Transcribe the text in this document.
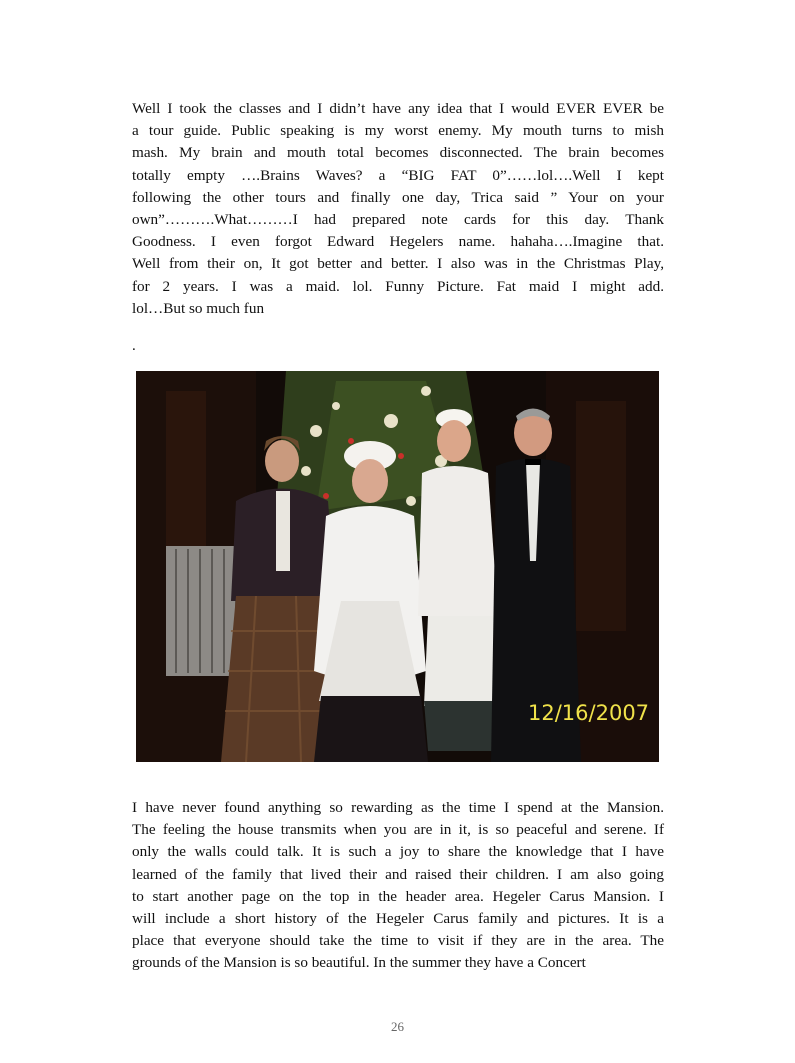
Well I took the classes and I didn’t have any idea that I would EVER EVER be
a tour guide. Public speaking is my worst enemy. My mouth turns to mish
mash. My brain and mouth total becomes disconnected. The brain becomes
totally empty ….Brains Waves? a “BIG FAT 0”……lol….Well I kept
following the other tours and finally one day, Trica said ” Your on your
own”……….What………I had prepared note cards for this day. Thank
Goodness. I even forgot Edward Hegelers name. hahaha….Imagine that.
Well from their on, It got better and better. I also was in the Christmas Play,
for 2 years. I was a maid. lol. Funny Picture. Fat maid I might add.
lol…But so much fun
.
12/16/2007
I have never found anything so rewarding as the time I spend at the Mansion.
The feeling the house transmits when you are in it, is so peaceful and serene. If
only the walls could talk. It is such a joy to share the knowledge that I have
learned of the family that lived their and raised their children. I am also going
to start another page on the top in the header area. Hegeler Carus Mansion. I
will include a short history of the Hegeler Carus family and pictures. It is a
place that everyone should take the time to visit if they are in the area. The
grounds of the Mansion is so beautiful. In the summer they have a Concert
26
